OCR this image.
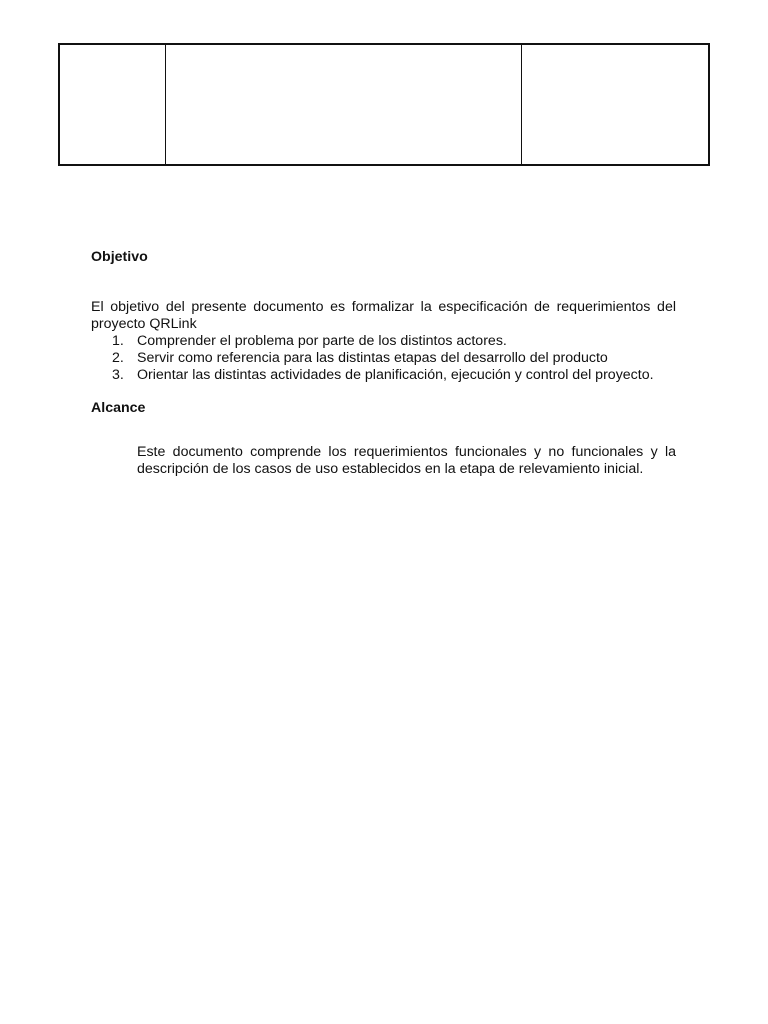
Objetivo

El objetivo del presente documento es formalizar la especificación de requerimientos del proyecto QRLink

1. Comprender el problema por parte de los distintos actores.
2. Servir como referencia para las distintas etapas del desarrollo del producto
3. Orientar las distintas actividades de planificación, ejecución y control del proyecto.
Alcance

Este documento comprende los requerimientos funcionales y no funcionales y la descripción de los casos de uso establecidos en la etapa de relevamiento inicial.
